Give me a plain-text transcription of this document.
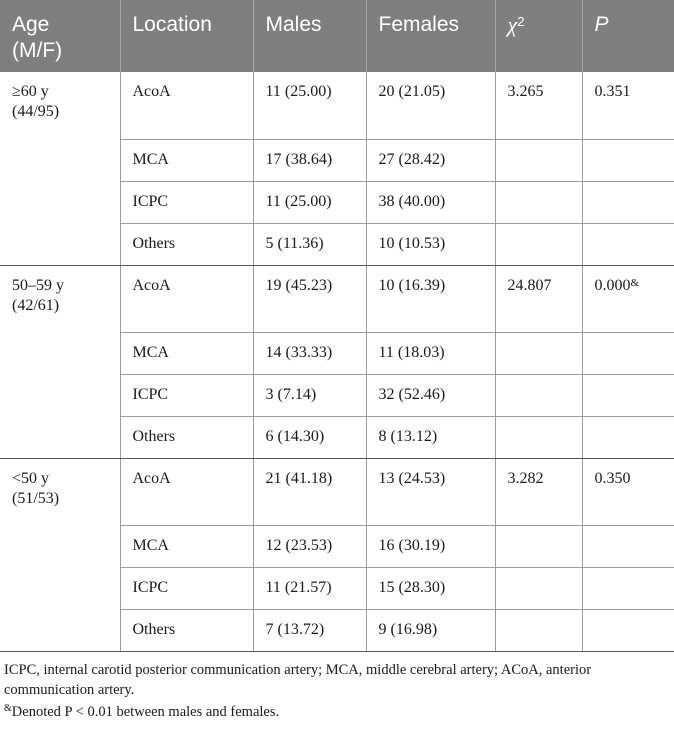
Age
(M/F)	Location	Males	Females	$\chi^2$	P
≥60 y
(44/95)	AcoA	11 (25.00)	20 (21.05)	3.265	0.351
	MCA	17 (38.64)	27 (28.42)		
	ICPC	11 (25.00)	38 (40.00)		
	Others	5 (11.36)	10 (10.53)		
50–59 y
(42/61)	AcoA	19 (45.23)	10 (16.39)	24.807	0.000&
	MCA	14 (33.33)	11 (18.03)		
	ICPC	3 (7.14)	32 (52.46)		
	Others	6 (14.30)	8 (13.12)		
<50 y
(51/53)	AcoA	21 (41.18)	13 (24.53)	3.282	0.350
	MCA	12 (23.53)	16 (30.19)		
	ICPC	11 (21.57)	15 (28.30)		
	Others	7 (13.72)	9 (16.98)		

ICPC, internal carotid posterior communication artery; MCA, middle cerebral artery; ACoA, anterior communication artery.

&Denoted P < 0.01 between males and females.
